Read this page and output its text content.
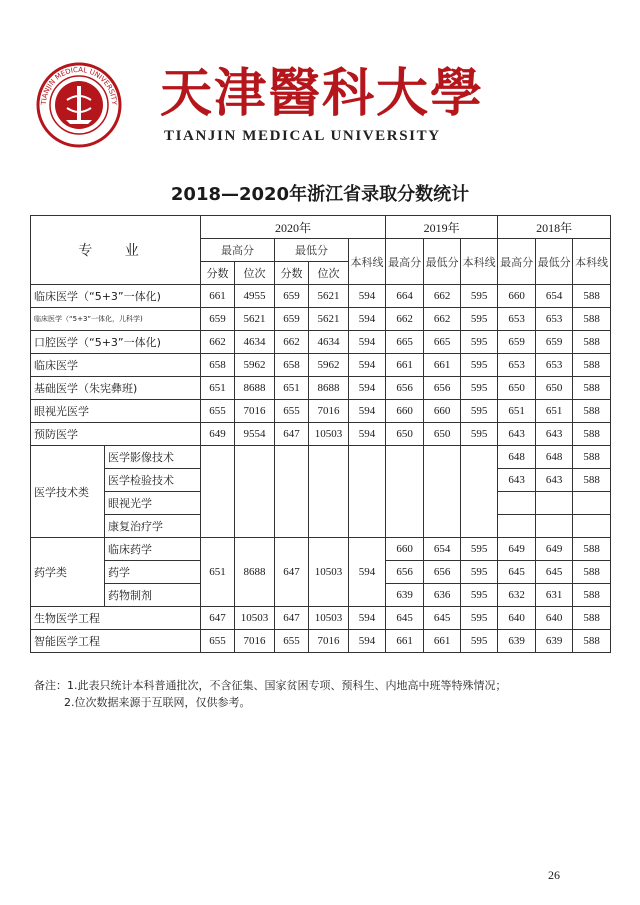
TIANJIN MEDICAL UNIVERSITY 天津醫科大學
TIANJIN MEDICAL UNIVERSITY
2018—2020年浙江省录取分数统计
专 业		2020年					2019年			2018年		
		最高分		最低分		本科线	最高分	最低分	本科线	最高分	最低分	本科线
		分数	位次	分数	位次							
临床医学（“5+3”一体化)		661	4955	659	5621	594	664	662	595	660	654	588
临床医学（“5+3”一体化，儿科学)		659	5621	659	5621	594	662	662	595	653	653	588
口腔医学（“5+3”一体化)		662	4634	662	4634	594	665	665	595	659	659	588
临床医学		658	5962	658	5962	594	661	661	595	653	653	588
基础医学（朱宪彝班)		651	8688	651	8688	594	656	656	595	650	650	588
眼视光医学		655	7016	655	7016	594	660	660	595	651	651	588
预防医学		649	9554	647	10503	594	650	650	595	643	643	588
医学技术类	医学影像技术									648	648	588
	医学检验技术									643	643	588
	眼视光学											
	康复治疗学											
药学类	临床药学	651	8688	647	10503	594	660	654	595	649	649	588
	药学						656	656	595	645	645	588
	药物制剂						639	636	595	632	631	588
生物医学工程		647	10503	647	10503	594	645	645	595	640	640	588
智能医学工程		655	7016	655	7016	594	661	661	595	639	639	588
备注：1.此表只统计本科普通批次，不含征集、国家贫困专项、预科生、内地高中班等特殊情况；
2.位次数据来源于互联网，仅供参考。
26
